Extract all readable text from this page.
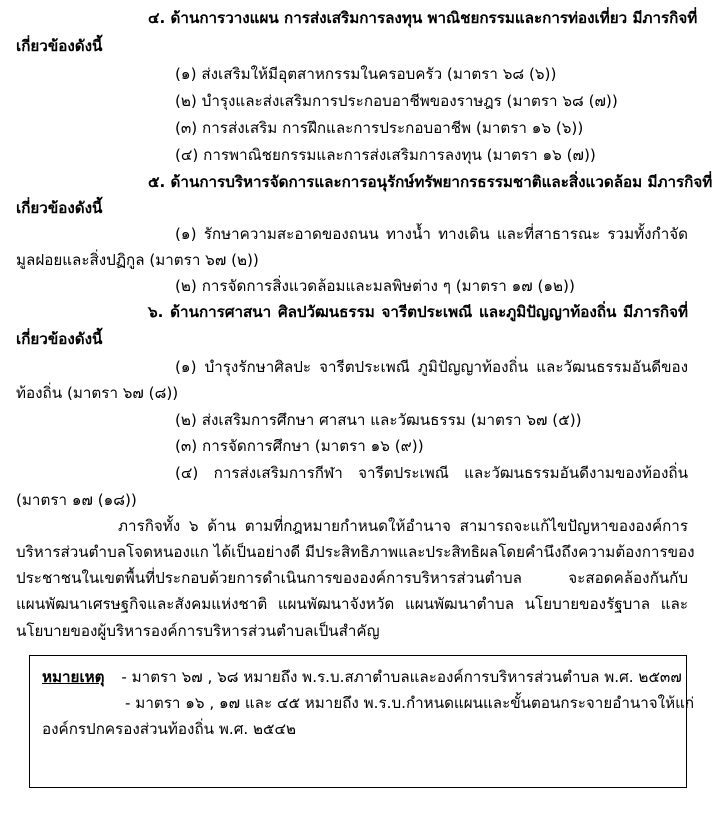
๔. ด้านการวางแผน การส่งเสริมการลงทุน พาณิชยกรรมและการท่องเที่ยว มีภารกิจที่
เกี่ยวข้องดังนี้
(๑) ส่งเสริมให้มีอุตสาหกรรมในครอบครัว (มาตรา ๖๘ (๖))
(๒) บำรุงและส่งเสริมการประกอบอาชีพของราษฎร (มาตรา ๖๘ (๗))
(๓) การส่งเสริม การฝึกและการประกอบอาชีพ (มาตรา ๑๖ (๖))
(๔) การพาณิชยกรรมและการส่งเสริมการลงทุน (มาตรา ๑๖ (๗))
๕. ด้านการบริหารจัดการและการอนุรักษ์ทรัพยากรธรรมชาติและสิ่งแวดล้อม มีภารกิจที่
เกี่ยวข้องดังนี้
(๑) รักษาความสะอาดของถนน ทางน้ำ ทางเดิน และที่สาธารณะ รวมทั้งกำจัด
มูลฝอยและสิ่งปฏิกูล (มาตรา ๖๗ (๒))
(๒) การจัดการสิ่งแวดล้อมและมลพิษต่าง ๆ (มาตรา ๑๗ (๑๒))
๖. ด้านการศาสนา ศิลปวัฒนธรรม จารีตประเพณี และภูมิปัญญาท้องถิ่น มีภารกิจที่
เกี่ยวข้องดังนี้
(๑) บำรุงรักษาศิลปะ จารีตประเพณี ภูมิปัญญาท้องถิ่น และวัฒนธรรมอันดีของ
ท้องถิ่น (มาตรา ๖๗ (๘))
(๒) ส่งเสริมการศึกษา ศาสนา และวัฒนธรรม (มาตรา ๖๗ (๕))
(๓) การจัดการศึกษา (มาตรา ๑๖ (๙))
(๔) การส่งเสริมการกีฬา จารีตประเพณี และวัฒนธรรมอันดีงามของท้องถิ่น
(มาตรา ๑๗ (๑๘))
ภารกิจทั้ง ๖ ด้าน ตามที่กฎหมายกำหนดให้อำนาจ สามารถจะแก้ไขปัญหาขององค์การ
บริหารส่วนตำบลโจดหนองแก ได้เป็นอย่างดี มีประสิทธิภาพและประสิทธิผลโดยคำนึงถึงความต้องการของ
ประชาชนในเขตพื้นที่ประกอบด้วยการดำเนินการขององค์การบริหารส่วนตำบล จะสอดคล้องกันกับ
แผนพัฒนาเศรษฐกิจและสังคมแห่งชาติ แผนพัฒนาจังหวัด แผนพัฒนาตำบล นโยบายของรัฐบาล และ
นโยบายของผู้บริหารองค์การบริหารส่วนตำบลเป็นสำคัญ
หมายเหตุ - มาตรา ๖๗ , ๖๘ หมายถึง พ.ร.บ.สภาตำบลและองค์การบริหารส่วนตำบล พ.ศ. ๒๕๓๗
- มาตรา ๑๖ , ๑๗ และ ๔๕ หมายถึง พ.ร.บ.กำหนดแผนและขั้นตอนกระจายอำนาจให้แก่
องค์กรปกครองส่วนท้องถิ่น พ.ศ. ๒๕๔๒
